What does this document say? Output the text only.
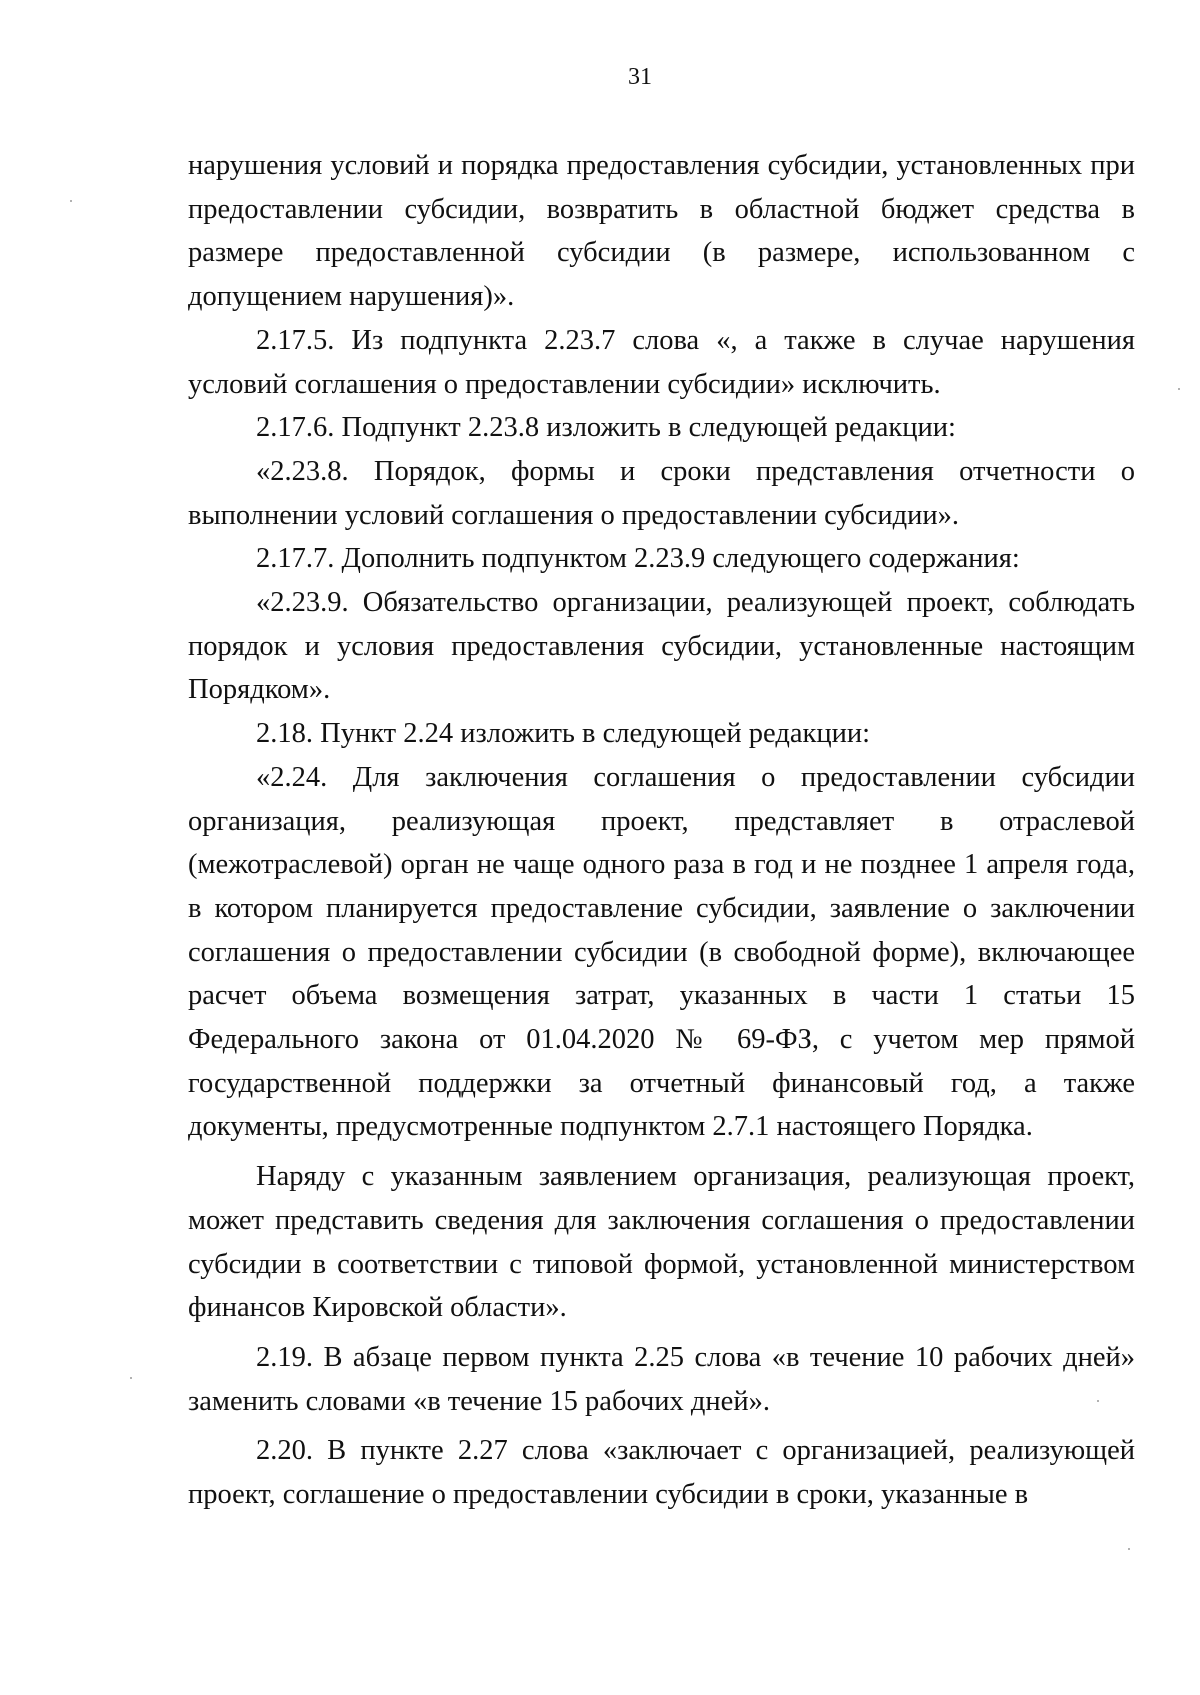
31

нарушения условий и порядка предоставления субсидии, установленных при предоставлении субсидии, возвратить в областной бюджет средства в размере предоставленной субсидии (в размере, использованном с допущением нарушения)».

2.17.5. Из подпункта 2.23.7 слова «, а также в случае нарушения условий соглашения о предоставлении субсидии» исключить.

2.17.6. Подпункт 2.23.8 изложить в следующей редакции:

«2.23.8. Порядок, формы и сроки представления отчетности о выполнении условий соглашения о предоставлении субсидии».

2.17.7. Дополнить подпунктом 2.23.9 следующего содержания:

«2.23.9. Обязательство организации, реализующей проект, соблюдать порядок и условия предоставления субсидии, установленные настоящим Порядком».

2.18. Пункт 2.24 изложить в следующей редакции:

«2.24. Для заключения соглашения о предоставлении субсидии организация, реализующая проект, представляет в отраслевой (межотраслевой) орган не чаще одного раза в год и не позднее 1 апреля года, в котором планируется предоставление субсидии, заявление о заключении соглашения о предоставлении субсидии (в свободной форме), включающее расчет объема возмещения затрат, указанных в части 1 статьи 15 Федерального закона от 01.04.2020 № 69-ФЗ, с учетом мер прямой государственной поддержки за отчетный финансовый год, а также документы, предусмотренные подпунктом 2.7.1 настоящего Порядка.

Наряду с указанным заявлением организация, реализующая проект, может представить сведения для заключения соглашения о предоставлении субсидии в соответствии с типовой формой, установленной министерством финансов Кировской области».

2.19. В абзаце первом пункта 2.25 слова «в течение 10 рабочих дней» заменить словами «в течение 15 рабочих дней».

2.20. В пункте 2.27 слова «заключает с организацией, реализующей проект, соглашение о предоставлении субсидии в сроки, указанные в
